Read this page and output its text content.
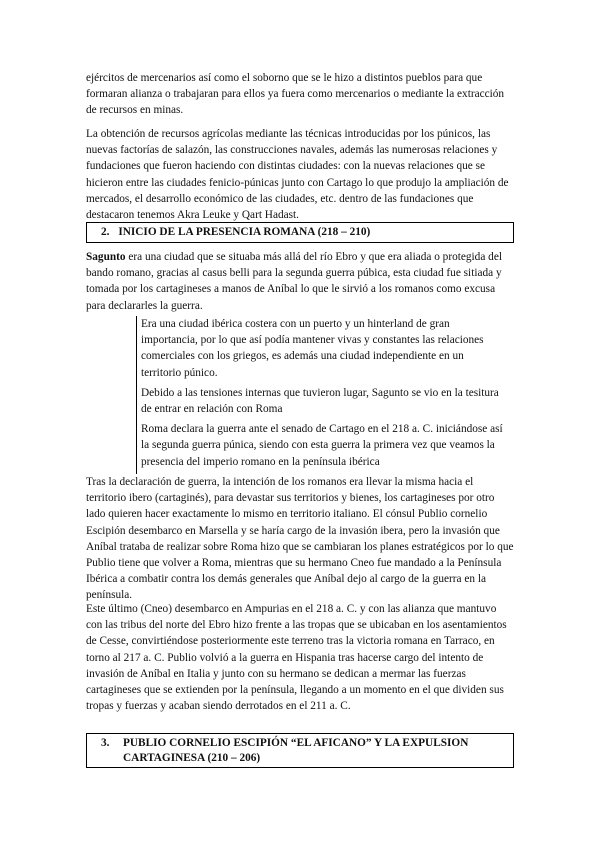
ejércitos de mercenarios así como el soborno que se le hizo a distintos pueblos para que formaran alianza o trabajaran para ellos ya fuera como mercenarios o mediante la extracción de recursos en minas.

La obtención de recursos agrícolas mediante las técnicas introducidas por los púnicos, las nuevas factorías de salazón, las construcciones navales, además las numerosas relaciones y fundaciones que fueron haciendo con distintas ciudades: con la nuevas relaciones que se hicieron entre las ciudades fenicio-púnicas junto con Cartago lo que produjo la ampliación de mercados, el desarrollo económico de las ciudades, etc. dentro de las fundaciones que destacaron tenemos Akra Leuke y Qart Hadast.

2. INICIO DE LA PRESENCIA ROMANA (218 – 210)

Sagunto era una ciudad que se situaba más allá del río Ebro y que era aliada o protegida del bando romano, gracias al casus belli para la segunda guerra púbica, esta ciudad fue sitiada y tomada por los cartagineses a manos de Aníbal lo que le sirvió a los romanos como excusa para declararles la guerra.

Era una ciudad ibérica costera con un puerto y un hinterland de gran importancia, por lo que así podía mantener vivas y constantes las relaciones comerciales con los griegos, es además una ciudad independiente en un territorio púnico.

Debido a las tensiones internas que tuvieron lugar, Sagunto se vio en la tesitura de entrar en relación con Roma

Roma declara la guerra ante el senado de Cartago en el 218 a. C. iniciándose así la segunda guerra púnica, siendo con esta guerra la primera vez que veamos la presencia del imperio romano en la península ibérica

Tras la declaración de guerra, la intención de los romanos era llevar la misma hacia el territorio ibero (cartaginés), para devastar sus territorios y bienes, los cartagineses por otro lado quieren hacer exactamente lo mismo en territorio italiano. El cónsul Publio cornelio Escipión desembarco en Marsella y se haría cargo de la invasión ibera, pero la invasión que Aníbal trataba de realizar sobre Roma hizo que se cambiaran los planes estratégicos por lo que Publio tiene que volver a Roma, mientras que su hermano Cneo fue mandado a la Península Ibérica a combatir contra los demás generales que Aníbal dejo al cargo de la guerra en la península.

Este último (Cneo) desembarco en Ampurias en el 218 a. C. y con las alianza que mantuvo con las tribus del norte del Ebro hizo frente a las tropas que se ubicaban en los asentamientos de Cesse, convirtiéndose posteriormente este terreno tras la victoria romana en Tarraco, en torno al 217 a. C. Publio volvió a la guerra en Hispania tras hacerse cargo del intento de invasión de Aníbal en Italia y junto con su hermano se dedican a mermar las fuerzas cartagineses que se extienden por la península, llegando a un momento en el que dividen sus tropas y fuerzas y acaban siendo derrotados en el 211 a. C.

3. PUBLIO CORNELIO ESCIPIÓN “EL AFICANO” Y LA EXPULSION CARTAGINESA (210 – 206)
